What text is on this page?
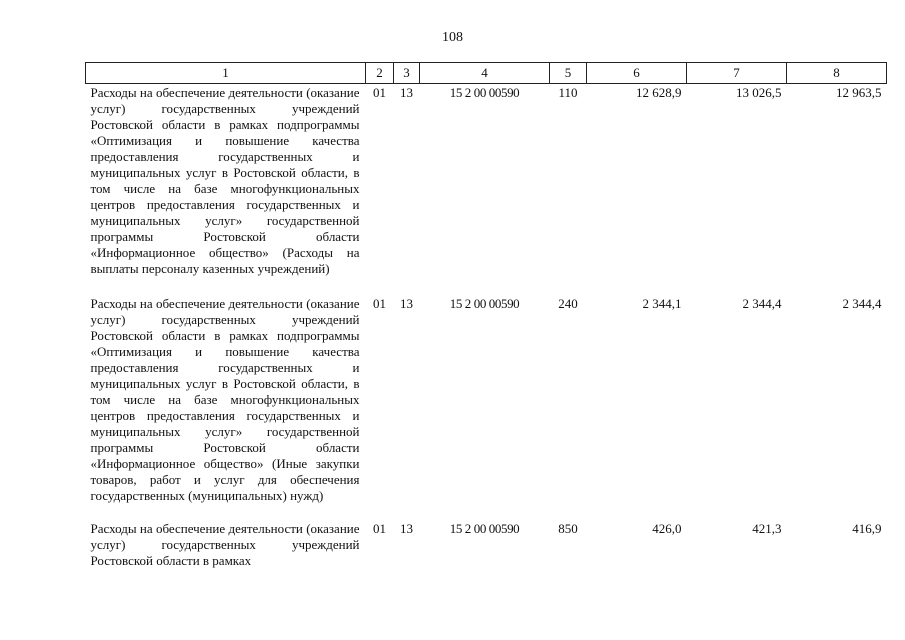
108
1	2	3	4	5	6	7	8
Расходы на обеспечение деятельности (оказание услуг) государственных учреждений Ростовской области в рамках подпрограммы «Оптимизация и повышение качества предоставления государственных и муниципальных услуг в Ростовской области, в том числе на базе многофункциональных центров предоставления государственных и муниципальных услуг» государственной программы Ростовской области «Информационное общество» (Расходы на выплаты персоналу казенных учреждений)	01	13	15 2 00 00590	110	12 628,9	13 026,5	12 963,5
Расходы на обеспечение деятельности (оказание услуг) государственных учреждений Ростовской области в рамках подпрограммы «Оптимизация и повышение качества предоставления государственных и муниципальных услуг в Ростовской области, в том числе на базе многофункциональных центров предоставления государственных и муниципальных услуг» государственной программы Ростовской области «Информационное общество» (Иные закупки товаров, работ и услуг для обеспечения государственных (муниципальных) нужд)	01	13	15 2 00 00590	240	2 344,1	2 344,4	2 344,4
Расходы на обеспечение деятельности (оказание услуг) государственных учреждений Ростовской области в рамках	01	13	15 2 00 00590	850	426,0	421,3	416,9
